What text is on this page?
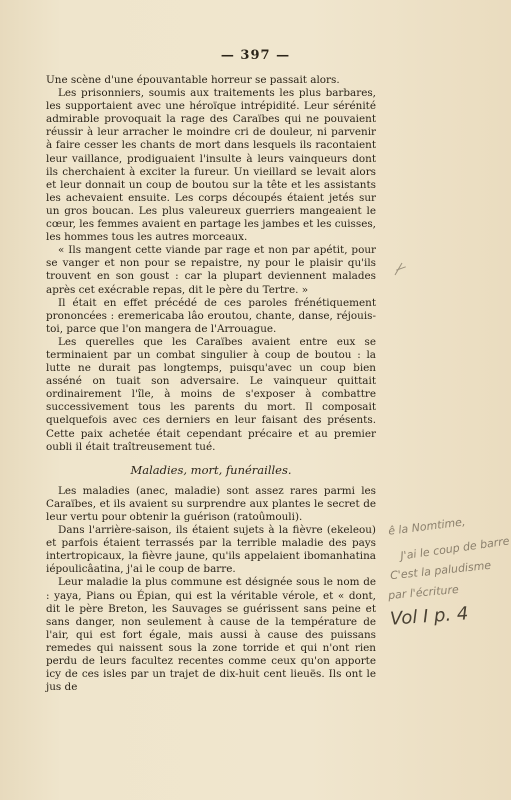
— 397 —

Une scène d'une épouvantable horreur se passait alors.

Les prisonniers, soumis aux traitements les plus barbares, les supportaient avec une héroïque intrépidité. Leur sérénité admirable provoquait la rage des Caraïbes qui ne pouvaient réussir à leur arracher le moindre cri de douleur, ni parvenir à faire cesser les chants de mort dans lesquels ils racontaient leur vaillance, prodiguaient l'insulte à leurs vainqueurs dont ils cherchaient à exciter la fureur. Un vieillard se levait alors et leur donnait un coup de boutou sur la tête et les assistants les achevaient ensuite. Les corps découpés étaient jetés sur un gros boucan. Les plus valeureux guerriers mangeaient le cœur, les femmes avaient en partage les jambes et les cuisses, les hommes tous les autres morceaux.

« Ils mangent cette viande par rage et non par apétit, pour se vanger et non pour se repaistre, ny pour le plaisir qu'ils trouvent en son goust : car la plupart deviennent malades après cet exécrable repas, dit le père du Tertre. »

Il était en effet précédé de ces paroles frénétiquement prononcées : eremericaba lâo eroutou, chante, danse, réjouis-toi, parce que l'on mangera de l'Arrouague.

Les querelles que les Caraïbes avaient entre eux se terminaient par un combat singulier à coup de boutou : la lutte ne durait pas longtemps, puisqu'avec un coup bien asséné on tuait son adversaire. Le vainqueur quittait ordinairement l'île, à moins de s'exposer à combattre successivement tous les parents du mort. Il composait quelquefois avec ces derniers en leur faisant des présents. Cette paix achetée était cependant précaire et au premier oubli il était traîtreusement tué.

Maladies, mort, funérailles.

Les maladies (anec, maladie) sont assez rares parmi les Caraïbes, et ils avaient su surprendre aux plantes le secret de leur vertu pour obtenir la guérison (ratoûmouli).

Dans l'arrière-saison, ils étaient sujets à la fièvre (ekeleou) et parfois étaient terrassés par la terrible maladie des pays intertropicaux, la fièvre jaune, qu'ils appelaient ibomanhatina iépoulicâatina, j'ai le coup de barre.

Leur maladie la plus commune est désignée sous le nom de : yaya, Pians ou Épian, qui est la véritable vérole, et « dont, dit le père Breton, les Sauvages se guérissent sans peine et sans danger, non seulement à cause de la température de l'air, qui est fort égale, mais aussi à cause des puissans remedes qui naissent sous la zone torride et qui n'ont rien perdu de leurs facultez recentes comme ceux qu'on apporte icy de ces isles par un trajet de dix-huit cent lieuës. Ils ont le jus de

ê la Nomtime,
J'ai le coup de barre
C'est la paludisme
par l'écriture
Vol I p. 4
